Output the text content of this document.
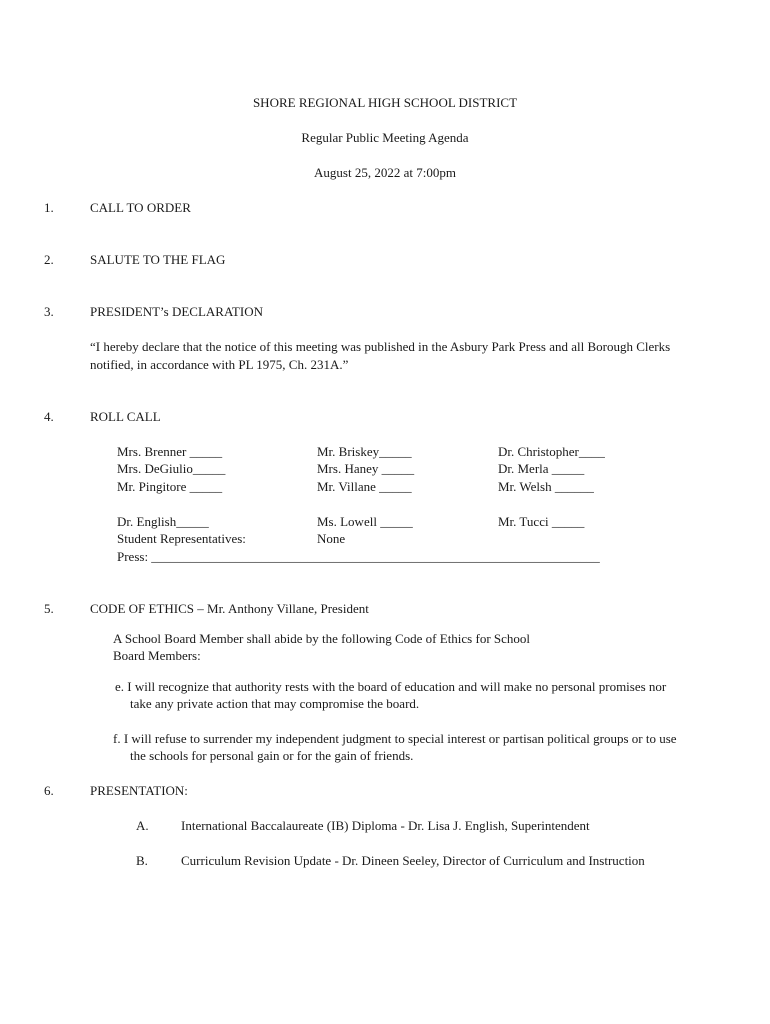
SHORE REGIONAL HIGH SCHOOL DISTRICT
Regular Public Meeting Agenda
August 25, 2022 at 7:00pm
1.	CALL TO ORDER
2.	SALUTE TO THE FLAG
3.	PRESIDENT’s DECLARATION
“I hereby declare that the notice of this meeting was published in the Asbury Park Press and all Borough Clerks
notified, in accordance with PL 1975, Ch. 231A.”
4.	ROLL CALL
Mrs. Brenner _____	Mr. Briskey_____	Dr. Christopher____
Mrs. DeGiulio_____	Mrs. Haney _____	Dr. Merla _____
Mr. Pingitore _____	Mr. Villane _____	Mr. Welsh ______
Dr. English_____	Ms. Lowell _____	Mr. Tucci _____
Student Representatives:	None
Press: _____________________________________________________________________
5.	CODE OF ETHICS – Mr. Anthony Villane, President
A School Board Member shall abide by the following Code of Ethics for School
Board Members:
e. I will recognize that authority rests with the board of education and will make no personal promises nor
take any private action that may compromise the board.
f. I will refuse to surrender my independent judgment to special interest or partisan political groups or to use
the schools for personal gain or for the gain of friends.
6.	PRESENTATION:
A. International Baccalaureate (IB) Diploma - Dr. Lisa J. English, Superintendent
B.	Curriculum Revision Update - Dr. Dineen Seeley, Director of Curriculum and Instruction
